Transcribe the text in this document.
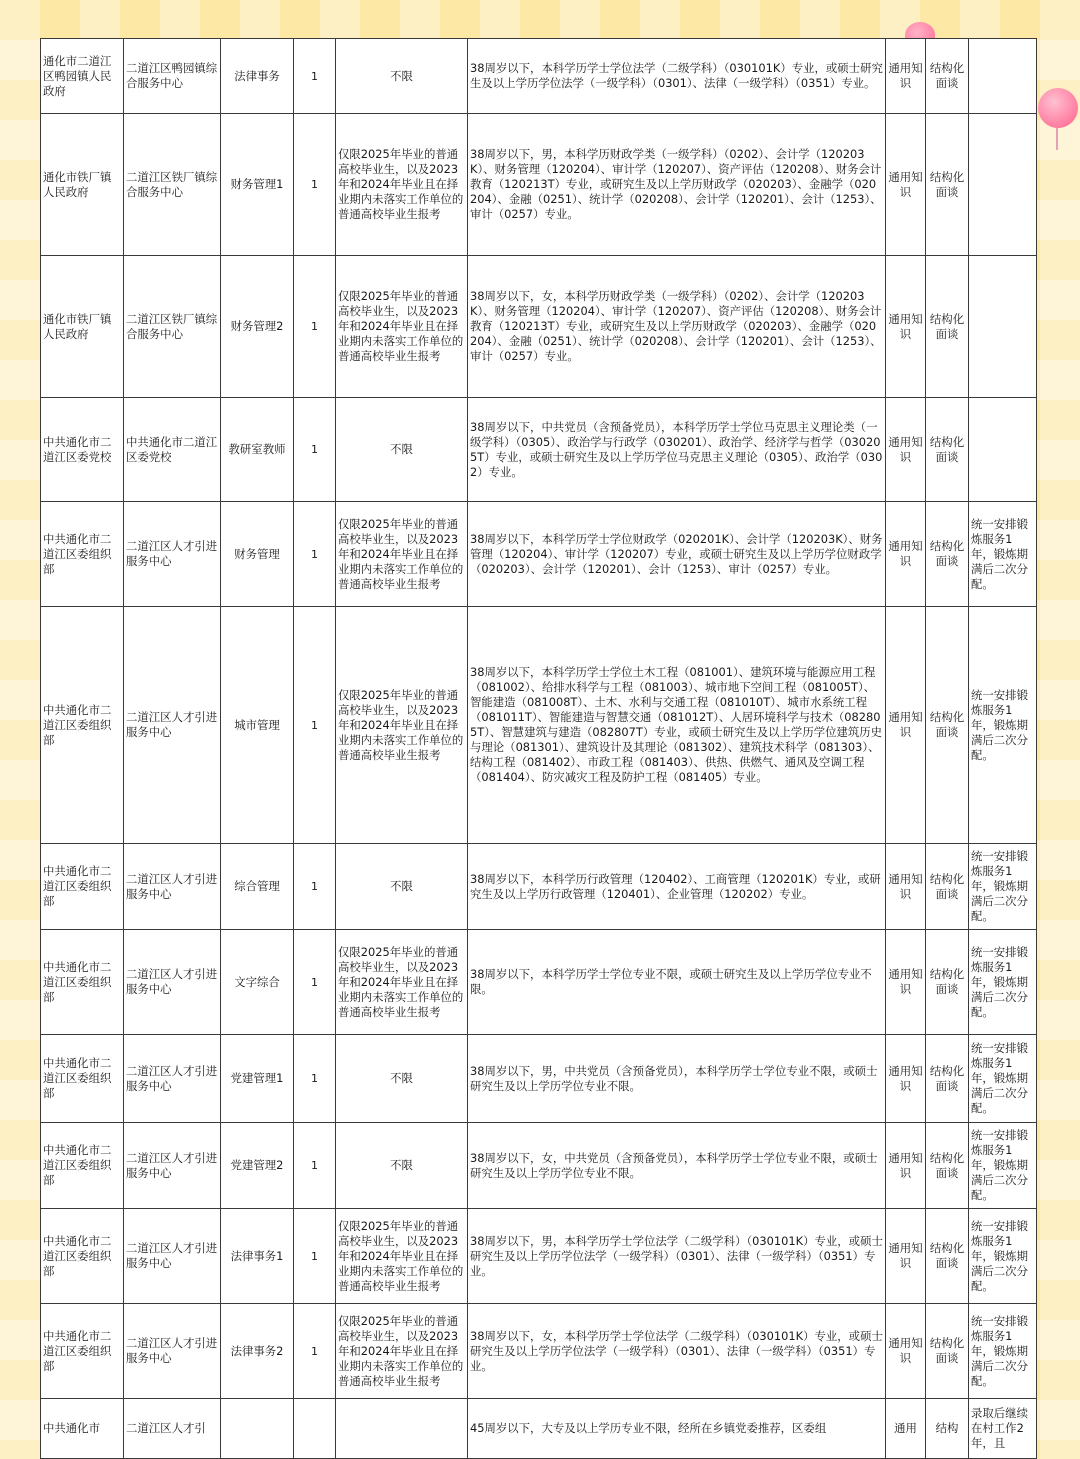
通化市二道江区鸭园镇人民政府	二道江区鸭园镇综合服务中心	法律事务	1	不限	38周岁以下，本科学历学士学位法学（二级学科）（030101K）专业，或硕士研究生及以上学历学位法学（一级学科）（0301）、法律（一级学科）（0351）专业。	通用知识	结构化面谈	
通化市铁厂镇人民政府	二道江区铁厂镇综合服务中心	财务管理1	1	仅限2025年毕业的普通高校毕业生，以及2023年和2024年毕业且在择业期内未落实工作单位的普通高校毕业生报考	38周岁以下，男，本科学历财政学类（一级学科）（0202）、会计学（120203K）、财务管理（120204）、审计学（120207）、资产评估（120208）、财务会计教育（120213T）专业，或研究生及以上学历财政学（020203）、金融学（020204）、金融（0251）、统计学（020208）、会计学（120201）、会计（1253）、审计（0257）专业。	通用知识	结构化面谈	
通化市铁厂镇人民政府	二道江区铁厂镇综合服务中心	财务管理2	1	仅限2025年毕业的普通高校毕业生，以及2023年和2024年毕业且在择业期内未落实工作单位的普通高校毕业生报考	38周岁以下，女，本科学历财政学类（一级学科）（0202）、会计学（120203K）、财务管理（120204）、审计学（120207）、资产评估（120208）、财务会计教育（120213T）专业，或研究生及以上学历财政学（020203）、金融学（020204）、金融（0251）、统计学（020208）、会计学（120201）、会计（1253）、审计（0257）专业。	通用知识	结构化面谈	
中共通化市二道江区委党校	中共通化市二道江区委党校	教研室教师	1	不限	38周岁以下，中共党员（含预备党员），本科学历学士学位马克思主义理论类（一级学科）（0305）、政治学与行政学（030201）、政治学、经济学与哲学（030205T）专业，或硕士研究生及以上学历学位马克思主义理论（0305）、政治学（0302）专业。	通用知识	结构化面谈	
中共通化市二道江区委组织部	二道江区人才引进服务中心	财务管理	1	仅限2025年毕业的普通高校毕业生，以及2023年和2024年毕业且在择业期内未落实工作单位的普通高校毕业生报考	38周岁以下，本科学历学士学位财政学（020201K）、会计学（120203K）、财务管理（120204）、审计学（120207）专业，或硕士研究生及以上学历学位财政学（020203）、会计学（120201）、会计（1253）、审计（0257）专业。	通用知识	结构化面谈	统一安排锻炼服务1年，锻炼期满后二次分配。
中共通化市二道江区委组织部	二道江区人才引进服务中心	城市管理	1	仅限2025年毕业的普通高校毕业生，以及2023年和2024年毕业且在择业期内未落实工作单位的普通高校毕业生报考	38周岁以下，本科学历学士学位土木工程（081001）、建筑环境与能源应用工程（081002）、给排水科学与工程（081003）、城市地下空间工程（081005T）、智能建造（081008T）、土木、水利与交通工程（081010T）、城市水系统工程（081011T）、智能建造与智慧交通（081012T）、人居环境科学与技术（082805T）、智慧建筑与建造（082807T）专业，或硕士研究生及以上学历学位建筑历史与理论（081301）、建筑设计及其理论（081302）、建筑技术科学（081303）、结构工程（081402）、市政工程（081403）、供热、供燃气、通风及空调工程（081404）、防灾减灾工程及防护工程（081405）专业。	通用知识	结构化面谈	统一安排锻炼服务1年，锻炼期满后二次分配。
中共通化市二道江区委组织部	二道江区人才引进服务中心	综合管理	1	不限	38周岁以下，本科学历行政管理（120402）、工商管理（120201K）专业，或研究生及以上学历行政管理（120401）、企业管理（120202）专业。	通用知识	结构化面谈	统一安排锻炼服务1年，锻炼期满后二次分配。
中共通化市二道江区委组织部	二道江区人才引进服务中心	文字综合	1	仅限2025年毕业的普通高校毕业生，以及2023年和2024年毕业且在择业期内未落实工作单位的普通高校毕业生报考	38周岁以下，本科学历学士学位专业不限，或硕士研究生及以上学历学位专业不限。	通用知识	结构化面谈	统一安排锻炼服务1年，锻炼期满后二次分配。
中共通化市二道江区委组织部	二道江区人才引进服务中心	党建管理1	1	不限	38周岁以下，男，中共党员（含预备党员），本科学历学士学位专业不限，或硕士研究生及以上学历学位专业不限。	通用知识	结构化面谈	统一安排锻炼服务1年，锻炼期满后二次分配。
中共通化市二道江区委组织部	二道江区人才引进服务中心	党建管理2	1	不限	38周岁以下，女，中共党员（含预备党员），本科学历学士学位专业不限，或硕士研究生及以上学历学位专业不限。	通用知识	结构化面谈	统一安排锻炼服务1年，锻炼期满后二次分配。
中共通化市二道江区委组织部	二道江区人才引进服务中心	法律事务1	1	仅限2025年毕业的普通高校毕业生，以及2023年和2024年毕业且在择业期内未落实工作单位的普通高校毕业生报考	38周岁以下，男，本科学历学士学位法学（二级学科）（030101K）专业，或硕士研究生及以上学历学位法学（一级学科）（0301）、法律（一级学科）（0351）专业。	通用知识	结构化面谈	统一安排锻炼服务1年，锻炼期满后二次分配。
中共通化市二道江区委组织部	二道江区人才引进服务中心	法律事务2	1	仅限2025年毕业的普通高校毕业生，以及2023年和2024年毕业且在择业期内未落实工作单位的普通高校毕业生报考	38周岁以下，女，本科学历学士学位法学（二级学科）（030101K）专业，或硕士研究生及以上学历学位法学（一级学科）（0301）、法律（一级学科）（0351）专业。	通用知识	结构化面谈	统一安排锻炼服务1年，锻炼期满后二次分配。
中共通化市	二道江区人才引				45周岁以下，大专及以上学历专业不限，经所在乡镇党委推荐，区委组	通用	结构	录取后继续在村工作2年，且
